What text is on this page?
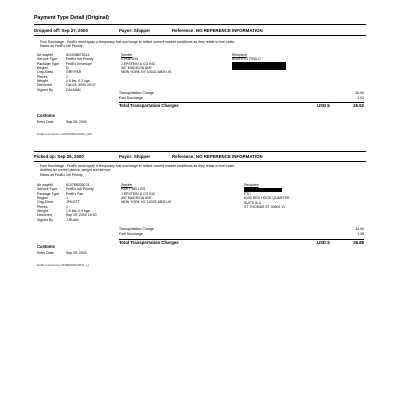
Payment Type Detail (Original)
Dropped off: Sep 27, 2000	Payor: Shipper	Reference: NO REFERENCE INFORMATION
Fuel Surcharge - FedEx must apply a temporary fuel surcharge to reflect current market conditions as they relate to fuel costs.
Rated as FedEx Intl Priority
Air waybill	812208875314
Service Type	FedEx Intl Priority
Package Type	FedEx Envelope
Region	D
Orig./Dest.	GRF/PAR
Pieces	1
Weight	0.5 lbs, 0.2 kgs
Delivered	Oct 03, 2000 09:47
Signed By	DALMAN
Sender
SYANNON
J EPSTEIN & CO INC
457 MADISON AVE
NEW YORK NY 10022-6805 US
Recipient
ALBERTO PINILO
Transportation Charge	25.50
Fuel Surcharge	1.02
Total Transportation Charges	USD $	26.52
Customs
Entry Date	Sep 28, 2000
FedEx Internal Use: 0259551893102P01_000
Picked up: Sep 26, 2000	Payor: Shipper	Reference: NO REFERENCE INFORMATION
Fuel Surcharge - FedEx must apply a temporary fuel surcharge to reflect current market conditions as they relate to fuel costs.
Audited for correct pieces, weight and service.
Rated as FedEx Intl Priority
Air waybill	810788920074
Service Type	FedEx Intl Priority
Package Type	FedEx Pak
Region	1
Orig./Dest.	JFK/STT
Pieces	1
Weight	1.9 lbs, 0.9 kgs
Delivered	Sep 29, 2000 16:30
Signed By	J.RUAN
Sender
HARY BELLER
J EPSTEIN & CO INC
457 MADISON AVE
NEW YORK NY 10022-6805 US
Recipient
FTC
6100 RED HOOK QUARTER
SUITE B-3
ST THOMAS ST 00802 VI
Transportation Charge	34.50
Fuel Surcharge	1.38
Total Transportation Charges	USD $	35.88
Customs
Entry Date	Sep 28, 2000
FedEx Internal Use: 810881893102P01_(_)
